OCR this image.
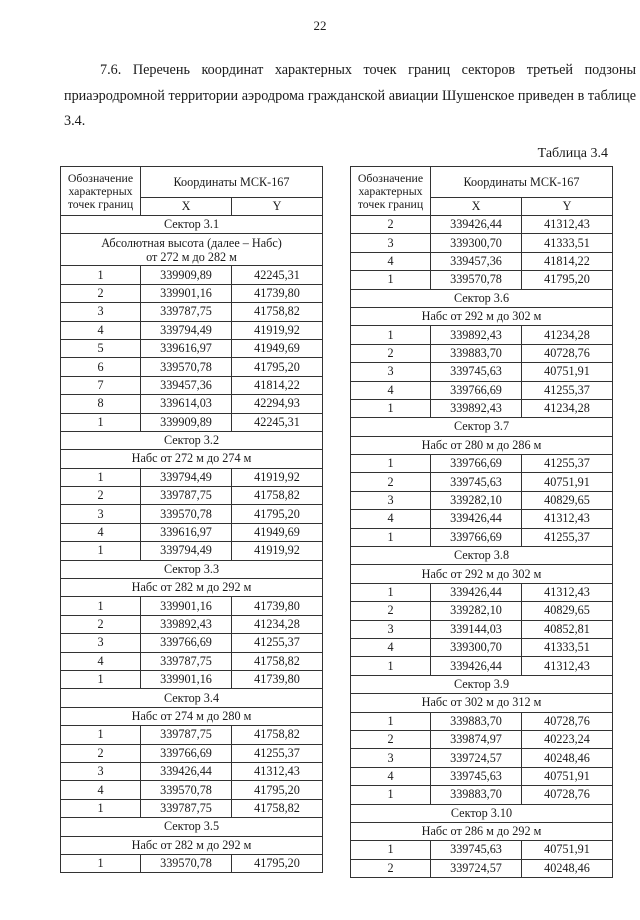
22
7.6. Перечень координат характерных точек границ секторов третьей подзоны приаэродромной территории аэродрома гражданской авиации Шушенское приведен в таблице 3.4.
Таблица 3.4
Обозначение характерных точек границ	Координаты МСК-167	
	X	Y
Сектор 3.1		

Абсолютная высота (далее – Набс)
от 272 м до 282 м		

1	339909,89	42245,31
2	339901,16	41739,80
3	339787,75	41758,82
4	339794,49	41919,92
5	339616,97	41949,69
6	339570,78	41795,20
7	339457,36	41814,22
8	339614,03	42294,93
1	339909,89	42245,31
Сектор 3.2		
Набс от 272 м до 274 м		
1	339794,49	41919,92
2	339787,75	41758,82
3	339570,78	41795,20
4	339616,97	41949,69
1	339794,49	41919,92
Сектор 3.3		
Набс от 282 м до 292 м		
1	339901,16	41739,80
2	339892,43	41234,28
3	339766,69	41255,37
4	339787,75	41758,82
1	339901,16	41739,80
Сектор 3.4		
Набс от 274 м до 280 м		
1	339787,75	41758,82
2	339766,69	41255,37
3	339426,44	41312,43
4	339570,78	41795,20
1	339787,75	41758,82
Сектор 3.5		
Набс от 282 м до 292 м		
1	339570,78	41795,20
Обозначение характерных точек границ	Координаты МСК-167	
	X	Y
2	339426,44	41312,43
3	339300,70	41333,51
4	339457,36	41814,22
1	339570,78	41795,20
Сектор 3.6		
Набс от 292 м до 302 м		
1	339892,43	41234,28
2	339883,70	40728,76
3	339745,63	40751,91
4	339766,69	41255,37
1	339892,43	41234,28
Сектор 3.7		
Набс от 280 м до 286 м		
1	339766,69	41255,37
2	339745,63	40751,91
3	339282,10	40829,65
4	339426,44	41312,43
1	339766,69	41255,37
Сектор 3.8		
Набс от 292 м до 302 м		
1	339426,44	41312,43
2	339282,10	40829,65
3	339144,03	40852,81
4	339300,70	41333,51
1	339426,44	41312,43
Сектор 3.9		
Набс от 302 м до 312 м		
1	339883,70	40728,76
2	339874,97	40223,24
3	339724,57	40248,46
4	339745,63	40751,91
1	339883,70	40728,76
Сектор 3.10		
Набс от 286 м до 292 м		
1	339745,63	40751,91
2	339724,57	40248,46
